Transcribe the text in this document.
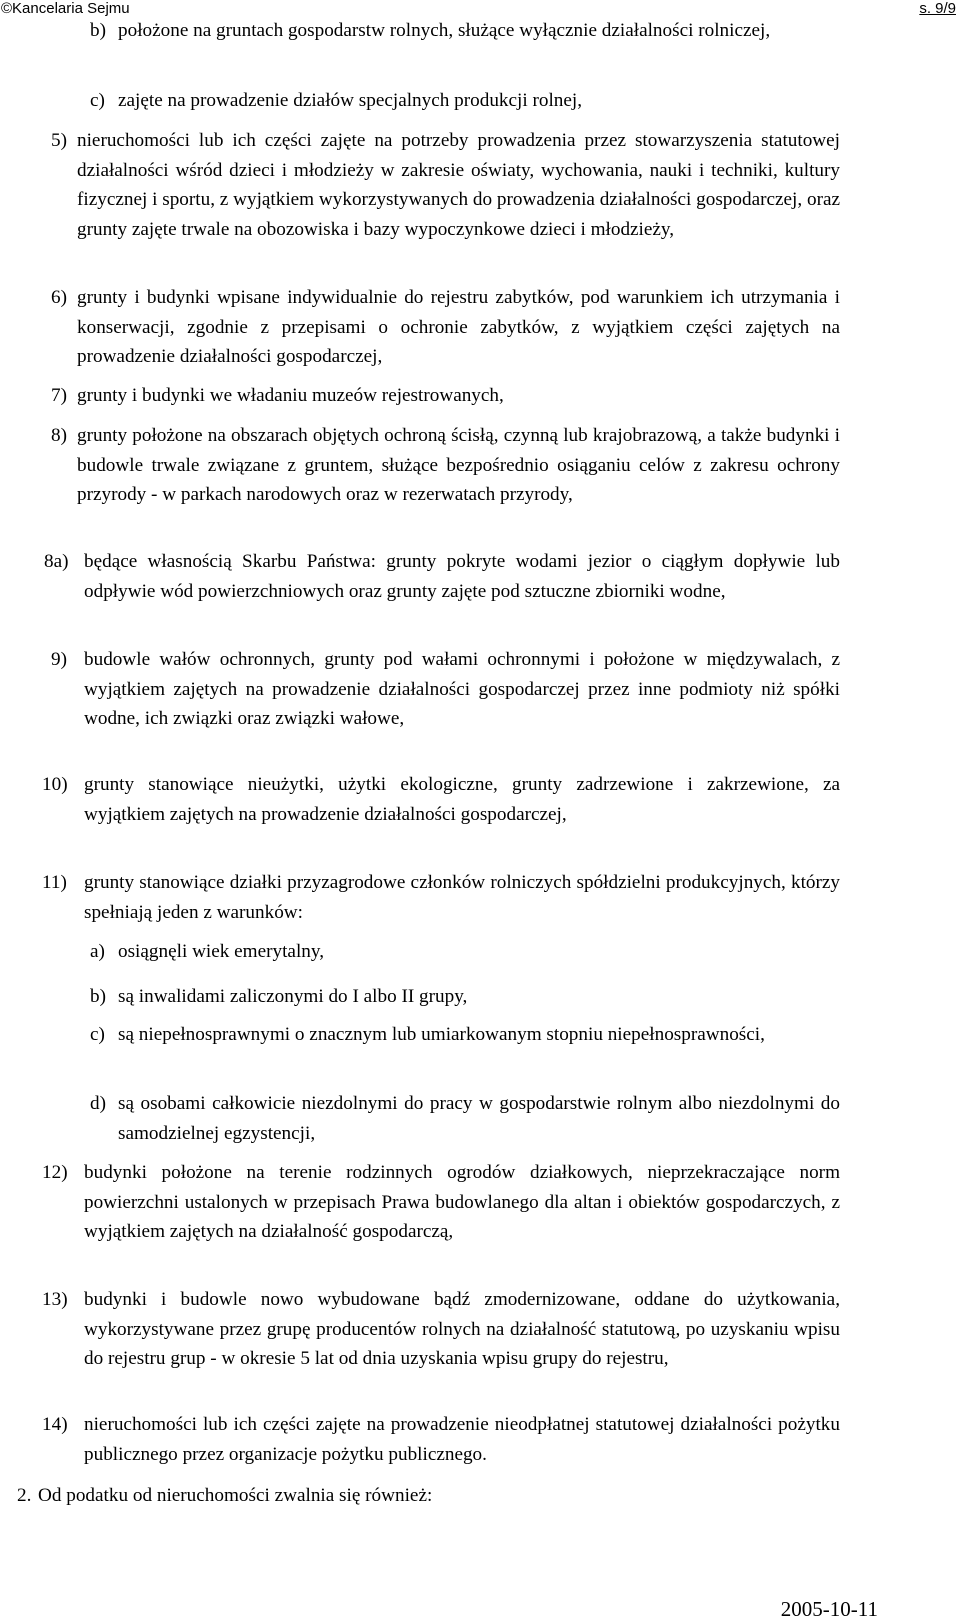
©Kancelaria Sejmu	s. 9/9
b) położone na gruntach gospodarstw rolnych, służące wyłącznie działalności rolniczej,
c) zajęte na prowadzenie działów specjalnych produkcji rolnej,
5) nieruchomości lub ich części zajęte na potrzeby prowadzenia przez stowarzyszenia statutowej działalności wśród dzieci i młodzieży w zakresie oświaty, wychowania, nauki i techniki, kultury fizycznej i sportu, z wyjątkiem wykorzystywanych do prowadzenia działalności gospodarczej, oraz grunty zajęte trwale na obozowiska i bazy wypoczynkowe dzieci i młodzieży,
6) grunty i budynki wpisane indywidualnie do rejestru zabytków, pod warunkiem ich utrzymania i konserwacji, zgodnie z przepisami o ochronie zabytków, z wyjątkiem części zajętych na prowadzenie działalności gospodarczej,
7) grunty i budynki we władaniu muzeów rejestrowanych,
8) grunty położone na obszarach objętych ochroną ścisłą, czynną lub krajobrazową, a także budynki i budowle trwale związane z gruntem, służące bezpośrednio osiąganiu celów z zakresu ochrony przyrody - w parkach narodowych oraz w rezerwatach przyrody,
8a) będące własnością Skarbu Państwa: grunty pokryte wodami jezior o ciągłym dopływie lub odpływie wód powierzchniowych oraz grunty zajęte pod sztuczne zbiorniki wodne,
9) budowle wałów ochronnych, grunty pod wałami ochronnymi i położone w międzywalach, z wyjątkiem zajętych na prowadzenie działalności gospodarczej przez inne podmioty niż spółki wodne, ich związki oraz związki wałowe,
10) grunty stanowiące nieużytki, użytki ekologiczne, grunty zadrzewione i zakrzewione, za wyjątkiem zajętych na prowadzenie działalności gospodarczej,
11) grunty stanowiące działki przyzagrodowe członków rolniczych spółdzielni produkcyjnych, którzy spełniają jeden z warunków:
a) osiągnęli wiek emerytalny,
b) są inwalidami zaliczonymi do I albo II grupy,
c) są niepełnosprawnymi o znacznym lub umiarkowanym stopniu niepełnosprawności,
d) są osobami całkowicie niezdolnymi do pracy w gospodarstwie rolnym albo niezdolnymi do samodzielnej egzystencji,
12) budynki położone na terenie rodzinnych ogrodów działkowych, nieprzekraczające norm powierzchni ustalonych w przepisach Prawa budowlanego dla altan i obiektów gospodarczych, z wyjątkiem zajętych na działalność gospodarczą,
13) budynki i budowle nowo wybudowane bądź zmodernizowane, oddane do użytkowania, wykorzystywane przez grupę producentów rolnych na działalność statutową, po uzyskaniu wpisu do rejestru grup - w okresie 5 lat od dnia uzyskania wpisu grupy do rejestru,
14) nieruchomości lub ich części zajęte na prowadzenie nieodpłatnej statutowej działalności pożytku publicznego przez organizacje pożytku publicznego.
2. Od podatku od nieruchomości zwalnia się również:
2005-10-11
